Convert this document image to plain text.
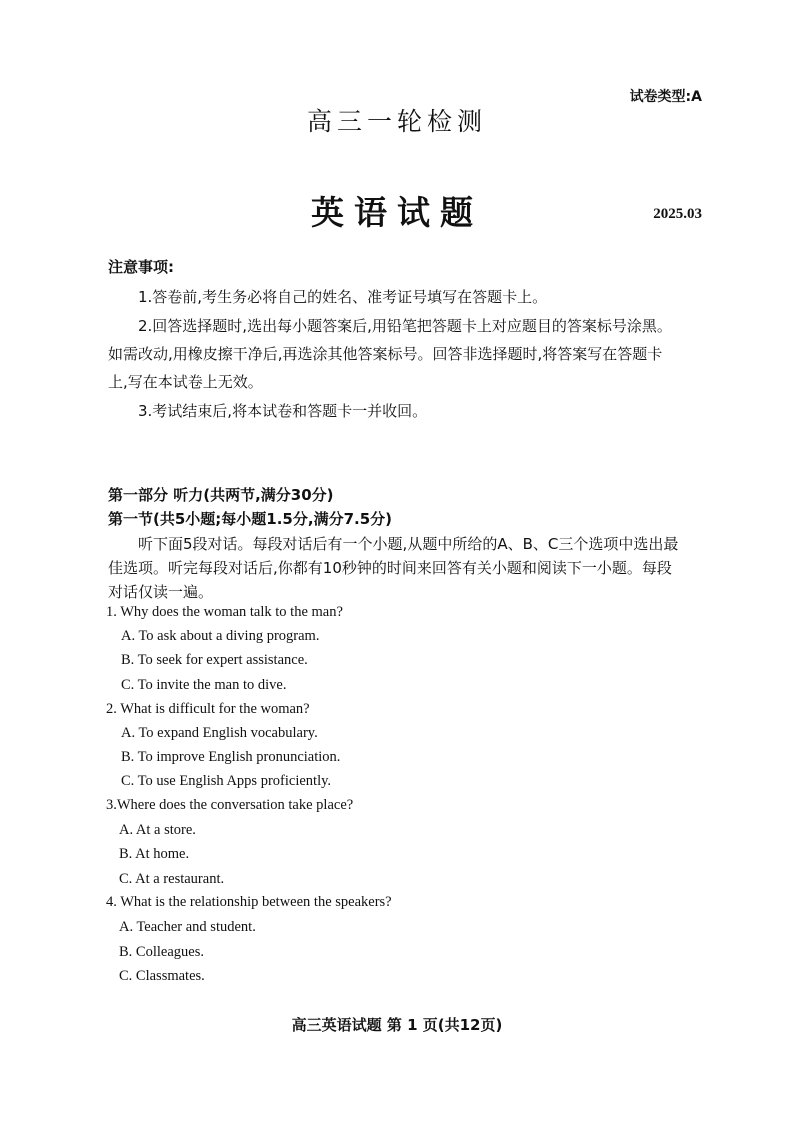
试卷类型:A
高三一轮检测
英语试题	2025.03
注意事项:
1.答卷前,考生务必将自己的姓名、准考证号填写在答题卡上。
2.回答选择题时,选出每小题答案后,用铅笔把答题卡上对应题目的答案标号涂黑。
如需改动,用橡皮擦干净后,再选涂其他答案标号。回答非选择题时,将答案写在答题卡
上,写在本试卷上无效。
3.考试结束后,将本试卷和答题卡一并收回。
第一部分 听力(共两节,满分30分)
第一节(共5小题;每小题1.5分,满分7.5分)
听下面5段对话。每段对话后有一个小题,从题中所给的A、B、C三个选项中选出最
佳选项。听完每段对话后,你都有10秒钟的时间来回答有关小题和阅读下一小题。每段
对话仅读一遍。
1. Why does the woman talk to the man?
A. To ask about a diving program.
B. To seek for expert assistance.
C. To invite the man to dive.
2. What is difficult for the woman?
A. To expand English vocabulary.
B. To improve English pronunciation.
C. To use English Apps proficiently.
3.Where does the conversation take place?
A. At a store.
B. At home.
C. At a restaurant.
4. What is the relationship between the speakers?
A. Teacher and student.
B. Colleagues.
C. Classmates.
高三英语试题 第 1 页(共12页)
